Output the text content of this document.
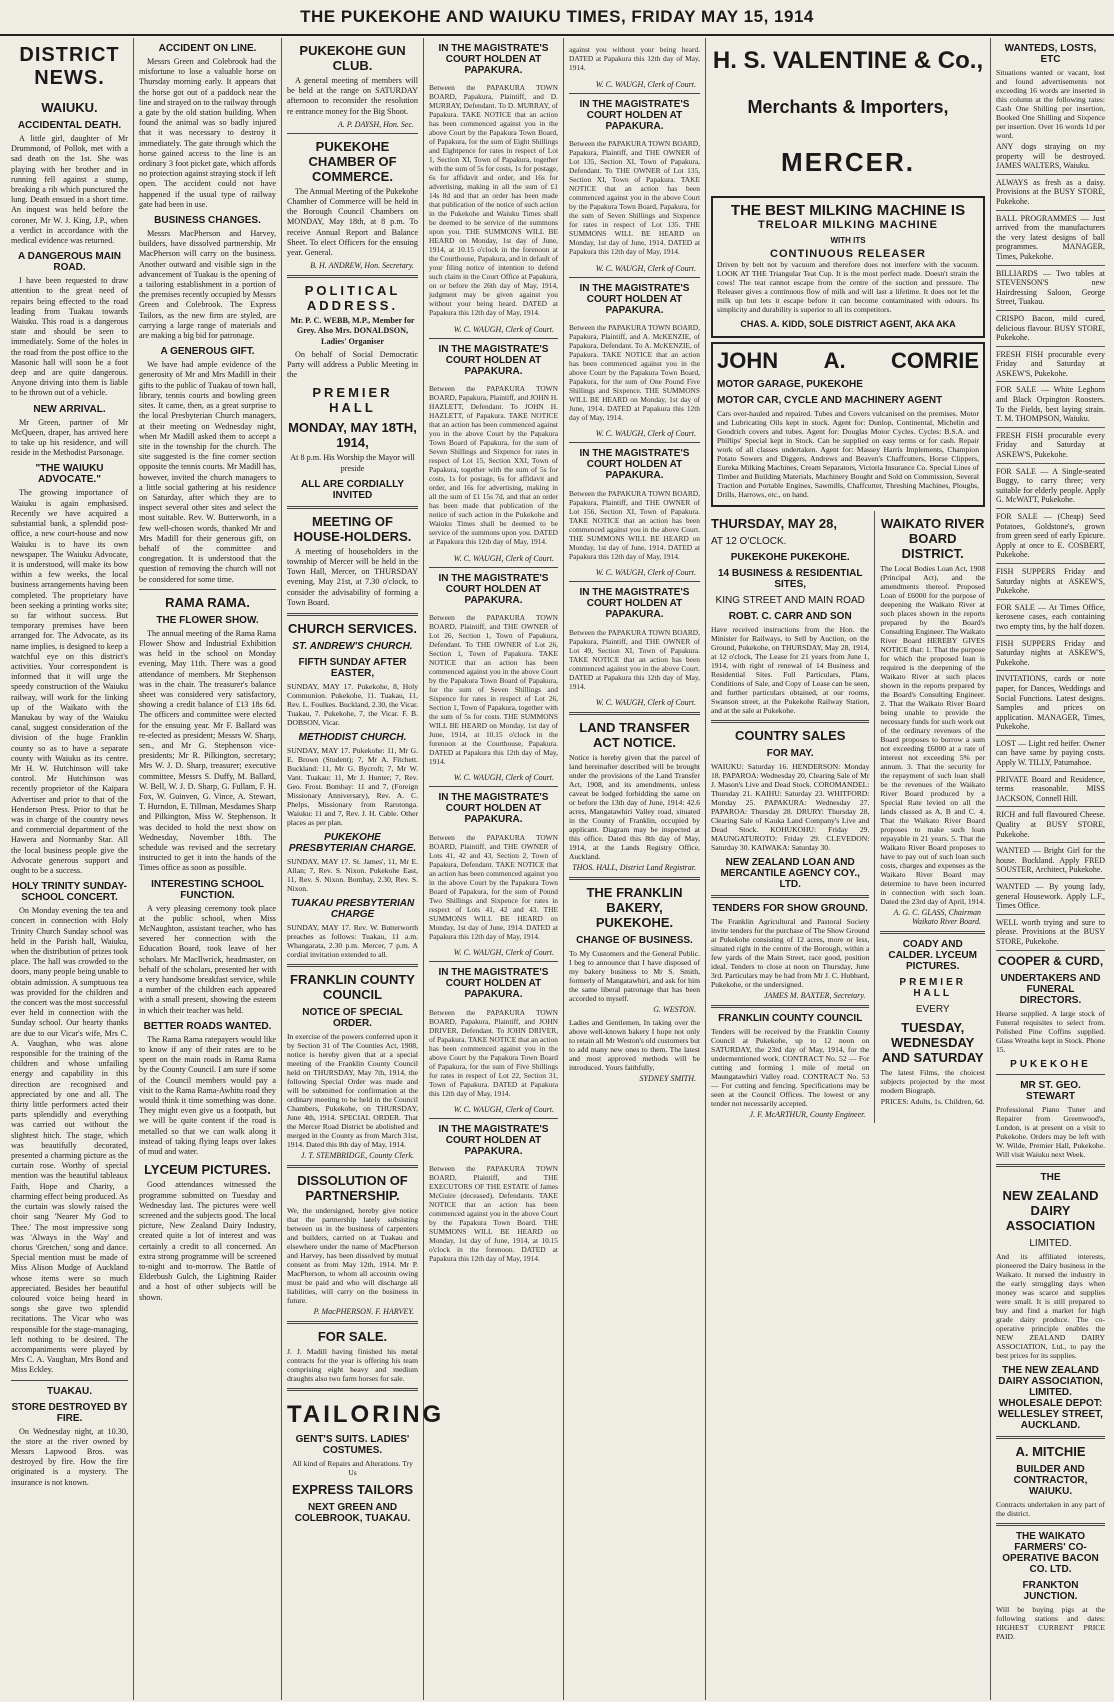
THE PUKEKOHE AND WAIUKU TIMES, FRIDAY MAY 15, 1914
DISTRICT NEWS.
WAIUKU.
ACCIDENTAL DEATH.

A little girl, daughter of Mr Drummond, of Pollok, met with a sad death on the 1st. She was playing with her brother and in running fell against a stump, breaking a rib which punctured the lung. Death ensued in a short time. An inquest was held before the coroner, Mr W. J. King, J.P., when a verdict in accordance with the medical evidence was returned.

A DANGEROUS MAIN ROAD.

I have been requested to draw attention to the great need of repairs being effected to the road leading from Tuakau towards Waiuku. This road is a dangerous state and should be seen to immediately. Some of the holes in the road from the post office to the Masonic hall will soon be a foot deep and are quite dangerous. Anyone driving into them is liable to be thrown out of a vehicle.

NEW ARRIVAL.

Mr Green, partner of Mr McQueen, draper, has arrived here to take up his residence, and will reside in the Methodist Parsonage.

"THE WAIUKU ADVOCATE."

The growing importance of Waiuku is again emphasised. Recently we have acquired a substantial bank, a splendid post-office, a new court-house and now Waiuku is to have its own newspaper. The Waiuku Advocate, it is understood, will make its bow within a few weeks, the local business arrangements having been completed. The proprietary have been seeking a printing works site; so far without success. But temporary premises have been arranged for. The Advocate, as its name implies, is designed to keep a watchful eye on this district's activities. Your correspondent is informed that it will urge the speedy construction of the Waiuku railway, will work for the linking up of the Waikato with the Manukau by way of the Waiuku canal, suggest consideration of the division of the huge Franklin county so as to have a separate county with Waiuku as its centre. Mr H. W. Hutchinson will take control. Mr Hutchinson was recently proprietor of the Kaipara Advertiser and prior to that of the Henderson Press. Prior to that he was in charge of the country news and commercial department of the Hawera and Normanby Star. All the local business people give the Advocate generous support and ought to be a success.

HOLY TRINITY SUNDAY-SCHOOL CONCERT.

On Monday evening the tea and concert in connection with Holy Trinity Church Sunday school was held in the Parish hall, Waiuku, when the distribution of prizes took place. The hall was crowded to the doors, many people being unable to obtain admission. A sumptuous tea was provided for the children and the concert was the most successful ever held in connection with the Sunday school. Our hearty thanks are due to our Vicar's wife, Mrs C. A. Vaughan, who was alone responsible for the training of the children and whose unfailing energy and capability in this direction are recognised and appreciated by one and all. The thirty little performers acted their parts splendidly and everything was carried out without the slightest hitch. The stage, which was beautifully decorated, presented a charming picture as the curtain rose. Worthy of special mention was the beautiful tableaux Faith, Hope and Charity, a charming effect being produced. As the curtain was slowly raised the choir sang 'Nearer My God to Thee.' The most impressive song was 'Always in the Way' and chorus 'Gretchen,' song and dance. Special mention must be made of Miss Alison Mudge of Auckland whose items were so much appreciated. Besides her beautiful coloured voice being heard in songs she gave two splendid recitations. The Vicar who was responsible for the stage-managing, left nothing to be desired. The accompaniments were played by Mrs C. A. Vaughan, Mrs Bond and Miss Eckley.

TUAKAU.
STORE DESTROYED BY FIRE.

On Wednesday night, at 10.30, the store at the river owned by Messrs Lapwood Bros. was destroyed by fire. How the fire originated is a mystery. The insurance is not known.

ACCIDENT ON LINE.

Messrs Green and Colebrook had the misfortune to lose a valuable horse on Thursday morning early. It appears that the horse got out of a paddock near the line and strayed on to the railway through a gate by the old station building. When found the animal was so badly injured that it was necessary to destroy it immediately. The gate through which the horse gained access to the line is an ordinary 3 foot picket gate, which affords no protection against straying stock if left open. The accident could not have happened if the usual type of railway gate had been in use.

BUSINESS CHANGES.

Messrs MacPherson and Harvey, builders, have dissolved partnership. Mr MacPherson will carry on the business. Another outward and visible sign in the advancement of Tuakau is the opening of a tailoring establishment in a portion of the premises recently occupied by Messrs Green and Colebrook. The Express Tailors, as the new firm are styled, are carrying a large range of materials and are making a big bid for patronage.

A GENEROUS GIFT.

We have had ample evidence of the generosity of Mr and Mrs Madill in their gifts to the public of Tuakau of town hall, library, tennis courts and bowling green sites. It came, then, as a great surprise to the local Presbyterian Church managers, at their meeting on Wednesday night, when Mr Madill asked them to accept a site in the township for the church. The site suggested is the fine corner section opposite the tennis courts. Mr Madill has, however, invited the church managers to a little social gathering at his residence on Saturday, after which they are to inspect several other sites and select the most suitable. Rev. W. Butterworth, in a few well-chosen words, thanked Mr and Mrs Madill for their generous gift, on behalf of the committee and congregation. It is understood that the question of removing the church will not be considered for some time.

RAMA RAMA.
THE FLOWER SHOW.

The annual meeting of the Rama Rama Flower Show and Industrial Exhibition was held in the school on Monday evening, May 11th. There was a good attendance of members. Mr Stephenson was in the chair. The treasurer's balance sheet was considered very satisfactory, showing a credit balance of £13 18s 6d. The officers and committee were elected for the ensuing year. Mr F. Ballard was re-elected as president; Messrs W. Sharp, sen., and Mr G. Stephenson vice-presidents; Mr R. Pilkington, secretary; Mrs W. J. D. Sharp, treasurer; executive committee, Messrs S. Duffy, M. Ballard, W. Bell, W. J. D. Sharp, G. Fullam, F. H. Fox, W. Guinven, G. Vince, A. Stewart, T. Hurndon, E. Tillman, Mesdames Sharp and Pilkington, Miss W. Stephenson. It was decided to hold the next show on Wednesday, November 18th. The schedule was revised and the secretary instructed to get it into the hands of the Times office as soon as possible.

INTERESTING SCHOOL FUNCTION.

A very pleasing ceremony took place at the public school, when Miss McNaughton, assistant teacher, who has severed her connection with the Education Board, took leave of her scholars. Mr MacIlwrick, headmaster, on behalf of the scholars, presented her with a very handsome breakfast service, while a number of the children each appeared with a small present, showing the esteem in which their teacher was held.

BETTER ROADS WANTED.

The Rama Rama ratepayers would like to know if any of their rates are to be spent on the main roads in Rama Rama by the County Council. I am sure if some of the Council members would pay a visit to the Rama Rama-Awhitu road they would think it time something was done. They might even give us a footpath, but we will be quite content if the road is metalled so that we can walk along it instead of taking flying leaps over lakes of mud and water.

LYCEUM PICTURES.

Good attendances witnessed the programme submitted on Tuesday and Wednesday last. The pictures were well screened and the subjects good. The local picture, New Zealand Dairy Industry, created quite a lot of interest and was certainly a credit to all concerned. An extra strong programme will be screened to-night and to-morrow. The Battle of Elderbush Gulch, the Lightning Raider and a host of other subjects will be shown.

PUKEKOHE GUN CLUB.

A general meeting of members will be held at the range on SATURDAY afternoon to reconsider the resolution re entrance money for the Big Shoot.

A. P. DAYSH, Hon. Sec.
PUKEKOHE CHAMBER OF COMMERCE.

The Annual Meeting of the Pukekohe Chamber of Commerce will be held in the Borough Council Chambers on MONDAY, May 18th, at 8 p.m. To receive Annual Report and Balance Sheet. To elect Officers for the ensuing year. General.

B. H. ANDREW, Hon. Secretary.
POLITICAL ADDRESS.

Mr. P. C. WEBB, M.P., Member for Grey. Also Mrs. DONALDSON, Ladies' Organiser

On behalf of Social Democratic Party will address a Public Meeting in the

PREMIER HALL
MONDAY, MAY 18TH, 1914,

At 8 p.m. His Worship the Mayor will preside

ALL ARE CORDIALLY INVITED
MEETING OF HOUSE-HOLDERS.

A meeting of householders in the township of Mercer will be held in the Town Hall, Mercer, on THURSDAY evening, May 21st, at 7.30 o'clock, to consider the advisability of forming a Town Board.

CHURCH SERVICES.
ST. ANDREW'S CHURCH.
FIFTH SUNDAY AFTER EASTER,

SUNDAY, MAY 17. Pukekohe, 8, Holy Communion. Pukekohe, 11. Tuakau, 11, Rev. L. Foulkes. Buckland, 2.30, the Vicar. Tuakau, 7. Pukekohe, 7, the Vicar. F. B. DOBSON, Vicar.

METHODIST CHURCH.

SUNDAY, MAY 17. Pukekohe: 11, Mr G. E. Brown (Student); 7, Mr A. Fitchett. Buckland: 11, Mr G. Bycroft; 7, Mr W. Vant. Tuakau: 11, Mr J. Hunter; 7, Rev. Geo. Frost. Bombay: 11 and 7, (Foreign Missionary Anniversary), Rev. A. C. Phelps, Missionary from Rarotonga. Waiuku: 11 and 7, Rev. J. H. Cable. Other places as per plan.

PUKEKOHE PRESBYTERIAN CHARGE.

SUNDAY, MAY 17. St. James', 11, Mr E. Allan; 7, Rev. S. Nixon. Pukekohe East, 11, Rev. S. Nixon. Bombay, 2.30, Rev. S. Nixon.

TUAKAU PRESBYTERIAN CHARGE

SUNDAY, MAY 17. Rev. W. Butterworth preaches as follows: Tuakau, 11 a.m. Whangarata, 2.30 p.m. Mercer, 7 p.m. A cordial invitation extended to all.

FRANKLIN COUNTY COUNCIL
NOTICE OF SPECIAL ORDER.

In exercise of the powers conferred upon it by Section 31 of The Counties Act, 1908, notice is hereby given that at a special meeting of the Franklin County Council held on THURSDAY, May 7th, 1914, the following Special Order was made and will be submitted for confirmation at the ordinary meeting to be held in the Council Chambers, Pukekohe, on THURSDAY, June 4th, 1914. SPECIAL ORDER. That the Mercer Road District be abolished and merged in the County as from March 31st, 1914. Dated this 8th day of May, 1914.

J. T. STEMBRIDGE, County Clerk.
DISSOLUTION OF PARTNERSHIP.

We, the undersigned, hereby give notice that the partnership lately subsisting between us in the business of carpenters and builders, carried on at Tuakau and elsewhere under the name of MacPherson and Harvey, has been dissolved by mutual consent as from May 12th, 1914. Mr P. MacPherson, to whom all accounts owing must be paid and who will discharge all liabilities, will carry on the business in future.

P. MacPHERSON. F. HARVEY.
FOR SALE.

J. J. Madill having finished his metal contracts for the year is offering his team comprising eight heavy and medium draughts also two farm horses for sale.

TAILORING
GENT'S SUITS. LADIES' COSTUMES.

All kind of Repairs and Alterations. Try Us

EXPRESS TAILORS
NEXT GREEN AND COLEBROOK, TUAKAU.
IN THE MAGISTRATE'S COURT HOLDEN AT PAPAKURA.

Between the PAPAKURA TOWN BOARD, Papakura, Plaintiff, and D. MURRAY, Defendant. To D. MURRAY, of Papakura. TAKE NOTICE that an action has been commenced against you in the above Court by the Papakura Town Board, of Papakura, for the sum of Eight Shillings and Eightpence for rates in respect of Lot 1, Section XI, Town of Papakura, together with the sum of 5s for costs, 1s for postage, 6s for affidavit and order, and 16s for advertising, making in all the sum of £1 14s 8d and that an order has been made that publication of the notice of such action in the Pukekohe and Waiuku Times shall be deemed to be service of the summons upon you. THE SUMMONS WILL BE HEARD on Monday, 1st day of June, 1914, at 10.15 o'clock in the forenoon at the Courthouse, Papakura, and in default of your filing notice of intention to defend such claim in the Court Office at Papakura, on or before the 26th day of May, 1914, judgment may be given against you without your being heard. DATED at Papakura this 12th day of May, 1914.

W. C. WAUGH, Clerk of Court.
IN THE MAGISTRATE'S COURT HOLDEN AT PAPAKURA.

Between the PAPAKURA TOWN BOARD, Papakura, Plaintiff, and JOHN H. HAZLETT, Defendant. To JOHN H. HAZLETT, of Papakura. TAKE NOTICE that an action has been commenced against you in the above Court by the Papakura Town Board of Papakura, for the sum of Seven Shillings and Sixpence for rates in respect of Lot 15, Section XXI, Town of Papakura, together with the sum of 5s for costs, 1s for postage, 6s for affidavit and order, and 16s for advertising, making in all the sum of £1 15s 7d, and that an order has been made that publication of the notice of such action in the Pukekohe and Waiuku Times shall be deemed to be service of the summons upon you. DATED at Papakura this 12th day of May, 1914.

W. C. WAUGH, Clerk of Court.
IN THE MAGISTRATE'S COURT HOLDEN AT PAPAKURA.

Between the PAPAKURA TOWN BOARD, Plaintiff, and THE OWNER of Lot 26, Section 1, Town of Papakura, Defendant. To THE OWNER of Lot 26, Section 1, Town of Papakura. TAKE NOTICE that an action has been commenced against you in the above Court by the Papakura Town Board of Papakura, for the sum of Seven Shillings and Sixpence for rates in respect of Lot 26, Section 1, Town of Papakura, together with the sum of 5s for costs. THE SUMMONS WILL BE HEARD on Monday, 1st day of June, 1914, at 10.15 o'clock in the forenoon at the Courthouse, Papakura. DATED at Papakura this 12th day of May, 1914.

W. C. WAUGH, Clerk of Court.
IN THE MAGISTRATE'S COURT HOLDEN AT PAPAKURA.

Between the PAPAKURA TOWN BOARD, Plaintiff, and THE OWNER of Lots 41, 42 and 43, Section 2, Town of Papakura, Defendant. TAKE NOTICE that an action has been commenced against you in the above Court by the Papakura Town Board of Papakura, for the sum of Pound Two Shillings and Sixpence for rates in respect of Lots 41, 42 and 43. THE SUMMONS WILL BE HEARD on Monday, 1st day of June, 1914. DATED at Papakura this 12th day of May, 1914.

W. C. WAUGH, Clerk of Court.
IN THE MAGISTRATE'S COURT HOLDEN AT PAPAKURA.

Between the PAPAKURA TOWN BOARD, Papakura, Plaintiff, and JOHN DRIVER, Defendant. To JOHN DRIVER, of Papakura. TAKE NOTICE that an action has been commenced against you in the above Court by the Papakura Town Board of Papakura, for the sum of Five Shillings for rates in respect of Lot 22, Section 31, Town of Papakura. DATED at Papakura this 12th day of May, 1914.

W. C. WAUGH, Clerk of Court.
IN THE MAGISTRATE'S COURT HOLDEN AT PAPAKURA.

Between the PAPAKURA TOWN BOARD, Plaintiff, and THE EXECUTORS OF THE ESTATE of James McGuire (deceased), Defendants. TAKE NOTICE that an action has been commenced against you in the above Court by the Papakura Town Board. THE SUMMONS WILL BE HEARD on Monday, 1st day of June, 1914, at 10.15 o'clock in the forenoon. DATED at Papakura this 12th day of May, 1914.

against you without your being heard. DATED at Papakura this 12th day of May, 1914.

W. C. WAUGH, Clerk of Court.
IN THE MAGISTRATE'S COURT HOLDEN AT PAPAKURA.

Between the PAPAKURA TOWN BOARD, Papakura, Plaintiff, and THE OWNER of Lot 135, Section XI, Town of Papakura, Defendant. To THE OWNER of Lot 135, Section XI, Town of Papakura. TAKE NOTICE that an action has been commenced against you in the above Court by the Papakura Town Board, Papakura, for the sum of Seven Shillings and Sixpence for rates in respect of Lot 135. THE SUMMONS WILL BE HEARD on Monday, 1st day of June, 1914. DATED at Papakura this 12th day of May, 1914.

W. C. WAUGH, Clerk of Court.
IN THE MAGISTRATE'S COURT HOLDEN AT PAPAKURA.

Between the PAPAKURA TOWN BOARD, Papakura, Plaintiff, and A. McKENZIE, of Papakura, Defendant. To A. McKENZIE, of Papakura. TAKE NOTICE that an action has been commenced against you in the above Court by the Papakura Town Board, Papakura, for the sum of One Pound Five Shillings and Sixpence. THE SUMMONS WILL BE HEARD on Monday, 1st day of June, 1914. DATED at Papakura this 12th day of May, 1914.

W. C. WAUGH, Clerk of Court.
IN THE MAGISTRATE'S COURT HOLDEN AT PAPAKURA.

Between the PAPAKURA TOWN BOARD, Papakura, Plaintiff, and THE OWNER of Lot 156, Section XI, Town of Papakura. TAKE NOTICE that an action has been commenced against you in the above Court. THE SUMMONS WILL BE HEARD on Monday, 1st day of June, 1914. DATED at Papakura this 12th day of May, 1914.

W. C. WAUGH, Clerk of Court.
IN THE MAGISTRATE'S COURT HOLDEN AT PAPAKURA.

Between the PAPAKURA TOWN BOARD, Papakura, Plaintiff, and THE OWNER of Lot 49, Section XI, Town of Papakura. TAKE NOTICE that an action has been commenced against you in the above Court. DATED at Papakura this 12th day of May, 1914.

W. C. WAUGH, Clerk of Court.
LAND TRANSFER ACT NOTICE.

Notice is hereby given that the parcel of land hereinafter described will be brought under the provisions of the Land Transfer Act, 1908, and its amendments, unless caveat be lodged forbidding the same on or before the 13th day of June, 1914: 42.6 acres, Mangatawhiri Valley road, situated in the County of Franklin, occupied by applicant. Diagram may be inspected at this office. Dated this 8th day of May, 1914, at the Lands Registry Office, Auckland.

THOS. HALL, District Land Registrar.
THE FRANKLIN BAKERY, PUKEKOHE.
CHANGE OF BUSINESS.

To My Customers and the General Public. I beg to announce that I have disposed of my bakery business to Mr S. Smith, formerly of Mangatawhiri, and ask for him the same liberal patronage that has been accorded to myself.

G. WESTON.

Ladies and Gentlemen, In taking over the above well-known bakery I hope not only to retain all Mr Weston's old customers but to add many new ones to them. The latest and most approved methods will be introduced. Yours faithfully,

SYDNEY SMITH.
H. S. VALENTINE & Co.,
Merchants & Importers,
MERCER.
THE BEST MILKING MACHINE IS
TRELOAR MILKING MACHINE
WITH ITS
CONTINUOUS RELEASER

Driven by belt not by vacuum and therefore does not interfere with the vacuum. LOOK AT THE Triangular Teat Cup. It is the most perfect made. Doesn't strain the cows! The teat cannot escape from the centre of the suction and pressure. The Releaser gives a continuous flow of milk and will last a lifetime. It does not let the milk up but lets it escape before it can become contaminated with odours. Its simplicity and durability is superior to all its competitors.

CHAS. A. KIDD, SOLE DISTRICT AGENT, AKA AKA
JOHN A. COMRIE
MOTOR GARAGE, PUKEKOHE
MOTOR CAR, CYCLE AND MACHINERY AGENT

Cars over-hauled and repaired. Tubes and Covers vulcanised on the premises. Motor and Lubricating Oils kept in stock. Agent for: Dunlop, Continental, Michelin and Goodrich covers and tubes. Agent for: Douglas Motor Cycles. Cycles: B.S.A. and Phillips' Special kept in Stock. Can be supplied on easy terms or for cash. Repair work of all classes undertaken. Agent for: Massey Harris Implements, Champion Potato Sowers and Diggers, Andrews and Beaven's Chaffcutters, Horse Clippers, Eureka Milking Machines, Cream Separators, Victoria Insurance Co. Special Lines of Timber and Building Materials, Machinery Bought and Sold on Commission, Several Traction and Portable Engines, Sawmills, Chaffcutter, Threshing Machines, Ploughs, Drills, Harrows, etc., on hand.

THURSDAY, MAY 28,
AT 12 O'CLOCK.
PUKEKOHE PUKEKOHE.
14 BUSINESS & RESIDENTIAL SITES,
KING STREET AND MAIN ROAD
ROBT. C. CARR AND SON

Have received instructions from the Hon. the Minister for Railways, to Sell by Auction, on the Ground, Pukekohe, on THURSDAY, May 28, 1914, at 12 o'clock, The Lease for 21 years from June 1, 1914, with right of renewal of 14 Business and Residential Sites. Full Particulars, Plans, Conditions of Sale, and Copy of Lease can be seen, and further particulars obtained, at our rooms, Swanson street, at the Pukekohe Railway Station, and at the sale at Pukekohe.

COUNTRY SALES
FOR MAY.

WAIUKU: Saturday 16. HENDERSON: Monday 18. PAPAROA: Wednesday 20, Clearing Sale of Mr J. Mason's Live and Dead Stock. COROMANDEL: Thursday 21. KAIHU: Saturday 23. WHITFORD: Monday 25. PAPAKURA: Wednesday 27. PAPAROA: Thursday 28. DRURY: Thursday 28, Clearing Sale of Kauka Land Company's Live and Dead Stock. KOHUKOHU: Friday 29. MAUNGATUROTO: Friday 29. CLEVEDON: Saturday 30. KAIWAKA: Saturday 30.

NEW ZEALAND LOAN AND MERCANTILE AGENCY COY., LTD.
TENDERS FOR SHOW GROUND.

The Franklin Agricultural and Pastoral Society invite tenders for the purchase of The Show Ground at Pukekohe consisting of 12 acres, more or less, situated right in the centre of the Borough, within a few yards of the Main Street, race good, position ideal. Tenders to close at noon on Thursday, June 3rd. Particulars may be had from Mr J. C. Hubbard, Pukekohe, or the undersigned.

JAMES M. BAXTER, Secretary.
FRANKLIN COUNTY COUNCIL

Tenders will be received by the Franklin County Council at Pukekohe, up to 12 noon on SATURDAY, the 23rd day of May, 1914, for the undermentioned work. CONTRACT No. 52 — For cutting and forming 1 mile of metal on Maungatawhiri Valley road. CONTRACT No. 53 — For cutting and fencing. Specifications may be seen at the Council Offices. The lowest or any tender not necessarily accepted.

J. F. McARTHUR, County Engineer.
WAIKATO RIVER BOARD DISTRICT.

The Local Bodies Loan Act, 1908 (Principal Act), and the amendments thereof. Proposed Loan of £6000 for the purpose of deepening the Waikato River at such places shown in the reports prepared by the Board's Consulting Engineer. The Waikato River Board HEREBY GIVES NOTICE that: 1. That the purpose for which the proposed loan is required is the deepening of the Waikato River at such places shown in the reports prepared by the Board's Consulting Engineer. 2. That the Waikato River Board being unable to provide the necessary funds for such work out of the ordinary revenues of the Board proposes to borrow a sum not exceeding £6000 at a rate of interest not exceeding 5% per annum. 3. That the security for the repayment of such loan shall be the revenues of the Waikato River Board produced by a Special Rate levied on all the lands classed as A, B and C. 4. That the Waikato River Board proposes to make such loan repayable in 21 years. 5. That the Waikato River Board proposes to have to pay out of such loan such costs, charges and expenses as the Waikato River Board may determine to have been incurred in connection with such loan. Dated the 23rd day of April, 1914.

A. G. C. GLASS, Chairman Waikato River Board.
COADY AND CALDER. LYCEUM PICTURES.
PREMIER HALL
EVERY
TUESDAY, WEDNESDAY AND SATURDAY

The latest Films, the choicest subjects projected by the most modern Biograph.

PRICES: Adults, 1s. Children, 6d.

WANTEDS, LOSTS, ETC

Situations wanted or vacant, lost and found advertisements not exceeding 16 words are inserted in this column at the following rates: Cash One Shilling per insertion, Booked One Shilling and Sixpence per insertion. Over 16 words 1d per word.

ANY dogs straying on my property will be destroyed. JAMES WALTERS, Waiuku.

ALWAYS as fresh as a daisy. Provisions at the BUSY STORE, Pukekohe.

BALL PROGRAMMES — Just arrived from the manufacturers the very latest designs of ball programmes. MANAGER, Times, Pukekohe.

BILLIARDS — Two tables at STEVENSON'S new Hairdressing Saloon, George Street, Tuakau.

CRISPO Bacon, mild cured, delicious flavour. BUSY STORE, Pukekohe.

FRESH FISH procurable every Friday and Saturday at ASKEW'S, Pukekohe.

FOR SALE — White Leghorn and Black Orpington Roosters. To the Fields, best laying strain. T. M. THOMPSON, Waiuku.

FRESH FISH procurable every Friday and Saturday at ASKEW'S, Pukekohe.

FOR SALE — A Single-seated Buggy, to carry three; very suitable for elderly people. Apply G. McWATT, Pukekohe.

FOR SALE — (Cheap) Seed Potatoes, Goldstone's, grown from green seed of early Epicure. Apply at once to E. COSBERT, Pukekohe.

FISH SUPPERS Friday and Saturday nights at ASKEW'S, Pukekohe.

FOR SALE — At Times Office, kerosene cases, each containing two empty tins, by the half dozen.

FISH SUPPERS Friday and Saturday nights at ASKEW'S, Pukekohe.

INVITATIONS, cards or note paper, for Dances, Weddings and Social Functions. Latest designs. Samples and prices on application. MANAGER, Times, Pukekohe.

LOST — Light red heifer. Owner can have same by paying costs. Apply W. TILLY, Patumahoe.

PRIVATE Board and Residence, terms reasonable. MISS JACKSON, Connell Hill.

RICH and full flavoured Cheese. Quality at BUSY STORE, Pukekohe.

WANTED — Bright Girl for the house. Buckland. Apply FRED SOUSTER, Architect, Pukekohe.

WANTED — By young lady, general Housework. Apply L.F., Times Office.

WELL worth trying and sure to please. Provisions at the BUSY STORE, Pukekohe.

COOPER & CURD,
UNDERTAKERS AND FUNERAL DIRECTORS.

Hearse supplied. A large stock of Funeral requisites to select from. Polished Pine Coffins supplied. Glass Wreaths kept in Stock. Phone 15.

PUKEKOHE
MR ST. GEO. STEWART

Professional Piano Tuner and Repairer from Greenwood's, London, is at present on a visit to Pukekohe. Orders may be left with W. Wilde, Premier Hall, Pukekohe. Will visit Waiuku next Week.

THE
NEW ZEALAND DAIRY ASSOCIATION
LIMITED.

And its affiliated interests, pioneered the Dairy business in the Waikato. It nursed the industry in the early struggling days when money was scarce and supplies were small. It is still prepared to buy and find a market for high grade dairy produce. The co-operative principle enables the NEW ZEALAND DAIRY ASSOCIATION, Ltd., to pay the best prices for its supplies.

THE NEW ZEALAND DAIRY ASSOCIATION, LIMITED. WHOLESALE DEPOT: WELLESLEY STREET, AUCKLAND.
A. MITCHIE
BUILDER AND CONTRACTOR, WAIUKU.

Contracts undertaken in any part of the district.

THE WAIKATO FARMERS' CO-OPERATIVE BACON CO. LTD.
FRANKTON JUNCTION.

Will be buying pigs at the following stations and dates: HIGHEST CURRENT PRICE PAID.
